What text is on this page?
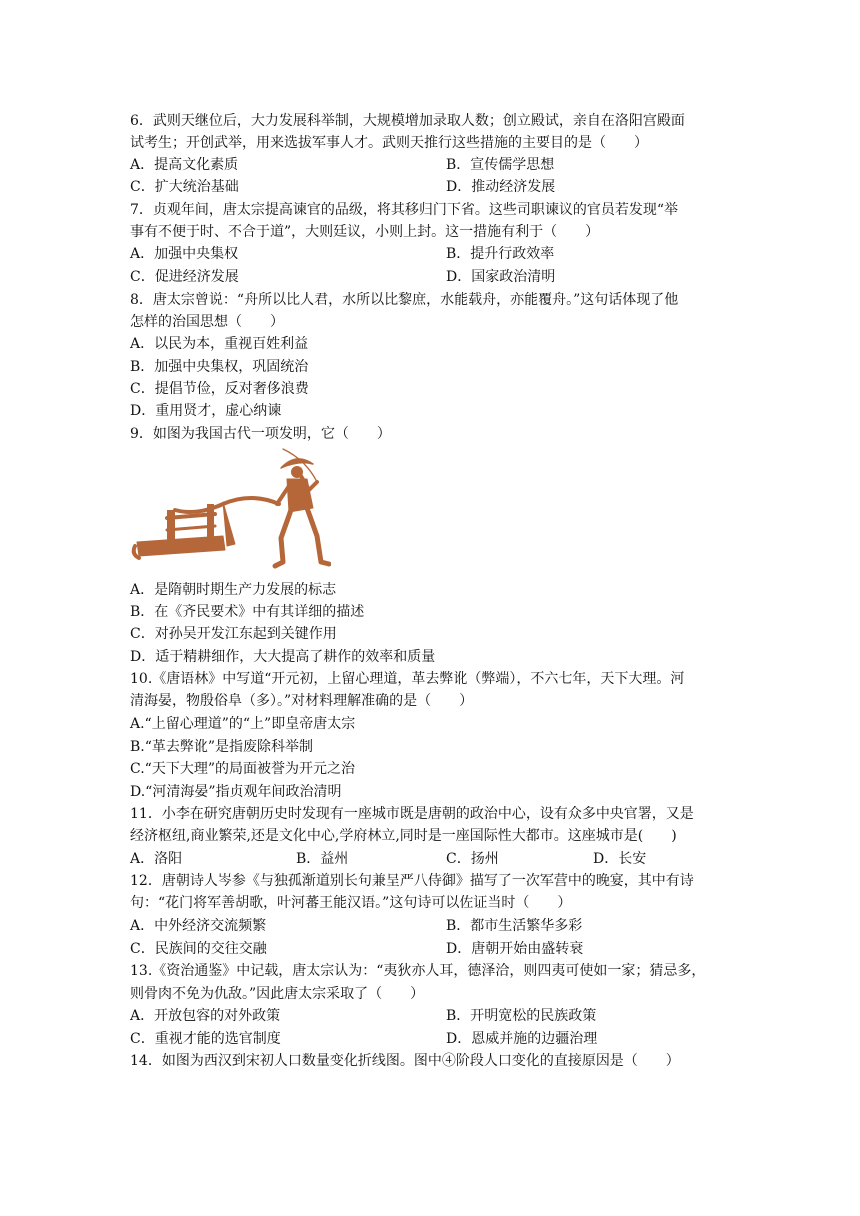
6．武则天继位后，大力发展科举制，大规模增加录取人数；创立殿试，亲自在洛阳宫殿面
试考生；开创武举，用来选拔军事人才。武则天推行这些措施的主要目的是（　　）
A．提高文化素质	B．宣传儒学思想
C．扩大统治基础	D．推动经济发展
7．贞观年间，唐太宗提高谏官的品级，将其移归门下省。这些司职谏议的官员若发现“举
事有不便于时、不合于道”，大则廷议，小则上封。这一措施有利于（　　）
A．加强中央集权	B．提升行政效率
C．促进经济发展	D．国家政治清明
8．唐太宗曾说：“舟所以比人君，水所以比黎庶，水能载舟，亦能覆舟。”这句话体现了他
怎样的治国思想（　　）
A．以民为本，重视百姓利益
B．加强中央集权，巩固统治
C．提倡节俭，反对奢侈浪费
D．重用贤才，虚心纳谏
9．如图为我国古代一项发明，它（　　）
A．是隋朝时期生产力发展的标志
B．在《齐民要术》中有其详细的描述
C．对孙吴开发江东起到关键作用
D．适于精耕细作，大大提高了耕作的效率和质量
10.《唐语林》中写道“开元初，上留心理道，革去弊讹（弊端），不六七年，天下大理。河
清海晏，物殷俗阜（多）。”对材料理解准确的是（　　）
A.“上留心理道”的“上”即皇帝唐太宗
B.“革去弊讹”是指废除科举制
C.“天下大理”的局面被誉为开元之治
D.“河清海晏”指贞观年间政治清明
11．小李在研究唐朝历史时发现有一座城市既是唐朝的政治中心，设有众多中央官署，又是
经济枢纽,商业繁荣,还是文化中心,学府林立,同时是一座国际性大都市。这座城市是(　　)
A．洛阳	B．益州	C．扬州	D．长安
12．唐朝诗人岑参《与独孤渐道别长句兼呈严八侍御》描写了一次军营中的晚宴，其中有诗
句：“花门将军善胡歌，叶河蕃王能汉语。”这句诗可以佐证当时（　　）
A．中外经济交流频繁	B．都市生活繁华多彩
C．民族间的交往交融	D．唐朝开始由盛转衰
13.《资治通鉴》中记载，唐太宗认为：“夷狄亦人耳，德泽洽，则四夷可使如一家；猜忌多，
则骨肉不免为仇敌。”因此唐太宗采取了（　　）
A．开放包容的对外政策	B．开明宽松的民族政策
C．重视才能的选官制度	D．恩威并施的边疆治理
14．如图为西汉到宋初人口数量变化折线图。图中④阶段人口变化的直接原因是（　　）
